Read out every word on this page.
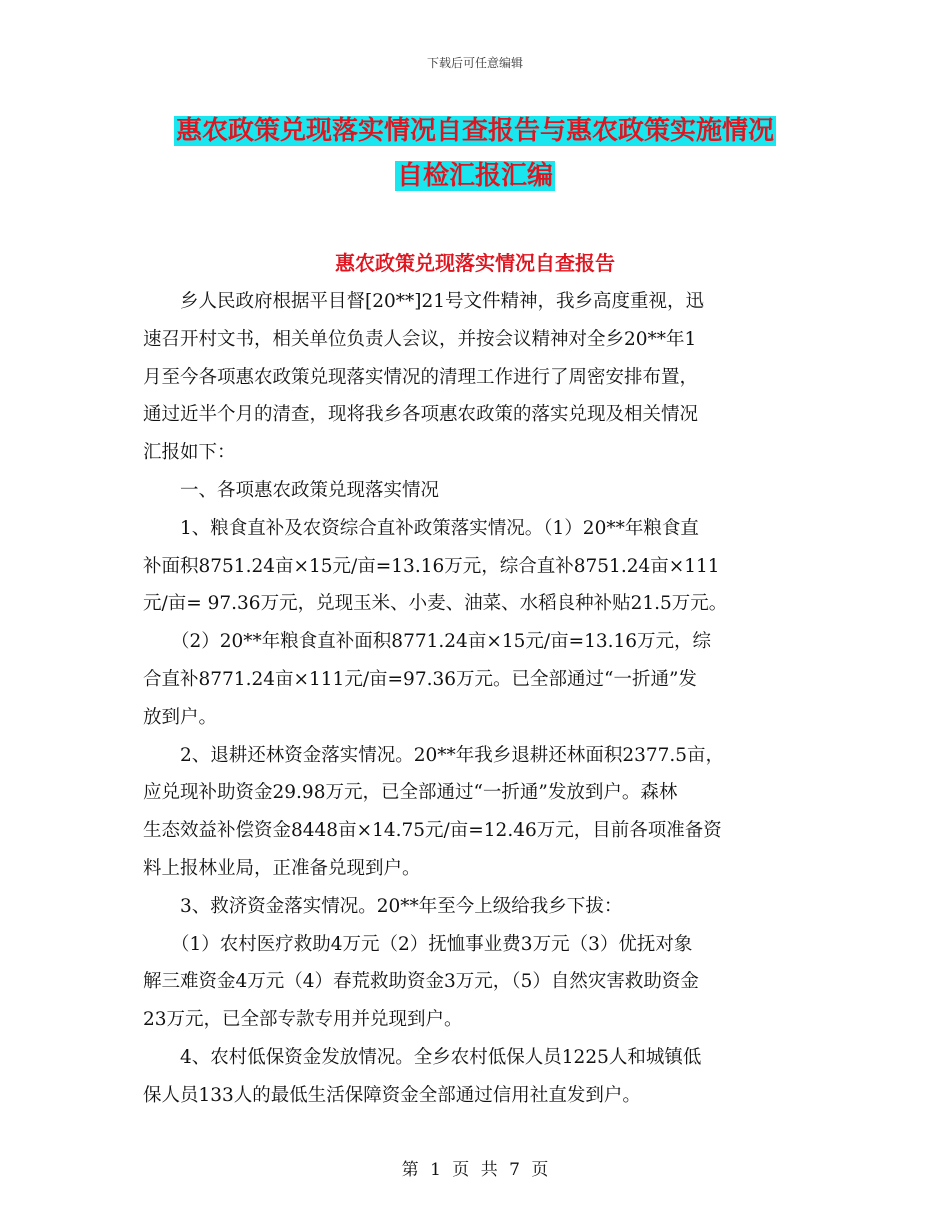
下载后可任意编辑
惠农政策兑现落实情况自查报告与惠农政策实施情况
自检汇报汇编
惠农政策兑现落实情况自查报告
乡人民政府根据平目督[20**]21号文件精神，我乡高度重视，迅
速召开村文书，相关单位负责人会议，并按会议精神对全乡20**年1
月至今各项惠农政策兑现落实情况的清理工作进行了周密安排布置，
通过近半个月的清查，现将我乡各项惠农政策的落实兑现及相关情况
汇报如下：
一、各项惠农政策兑现落实情况
1、粮食直补及农资综合直补政策落实情况。（1）20**年粮食直
补面积8751.24亩×15元/亩=13.16万元，综合直补8751.24亩×111
元/亩= 97.36万元，兑现玉米、小麦、油菜、水稻良种补贴21.5万元。
（2）20**年粮食直补面积8771.24亩×15元/亩=13.16万元，综
合直补8771.24亩×111元/亩=97.36万元。已全部通过“一折通”发
放到户。
2、退耕还林资金落实情况。20**年我乡退耕还林面积2377.5亩，
应兑现补助资金29.98万元，已全部通过“一折通”发放到户。森林
生态效益补偿资金8448亩×14.75元/亩=12.46万元，目前各项准备资
料上报林业局，正准备兑现到户。
3、救济资金落实情况。20**年至今上级给我乡下拔：
（1）农村医疗救助4万元（2）抚恤事业费3万元（3）优抚对象
解三难资金4万元（4）春荒救助资金3万元，（5）自然灾害救助资金
23万元，已全部专款专用并兑现到户。
4、农村低保资金发放情况。全乡农村低保人员1225人和城镇低
保人员133人的最低生活保障资金全部通过信用社直发到户。
第 1 页 共 7 页
